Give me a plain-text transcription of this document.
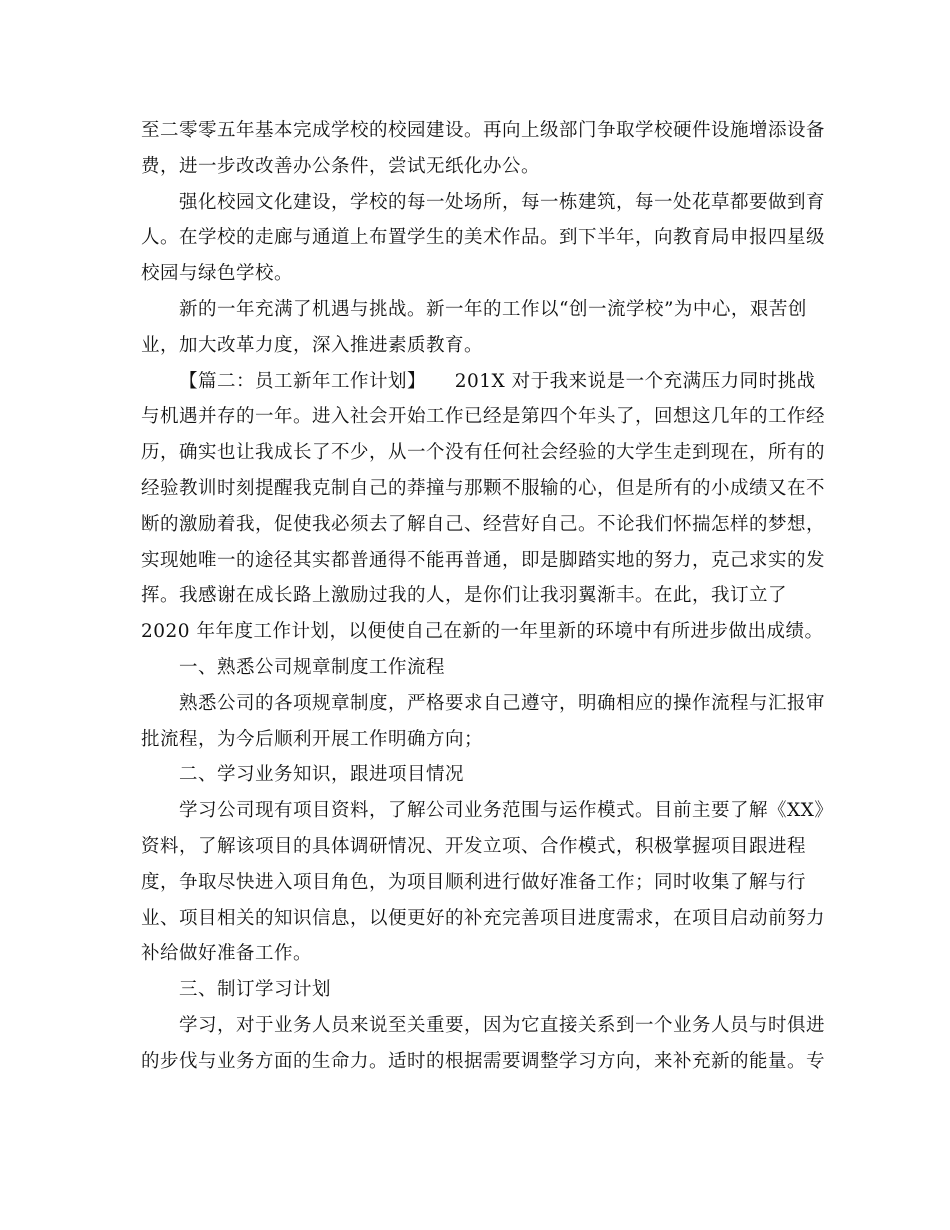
至二零零五年基本完成学校的校园建设。再向上级部门争取学校硬件设施增添设备
费，进一步改改善办公条件，尝试无纸化办公。
强化校园文化建设，学校的每一处场所，每一栋建筑，每一处花草都要做到育
人。在学校的走廊与通道上布置学生的美术作品。到下半年，向教育局申报四星级
校园与绿色学校。
新的一年充满了机遇与挑战。新一年的工作以“创一流学校”为中心，艰苦创
业，加大改革力度，深入推进素质教育。
【篇二：员工新年工作计划】　　201X 对于我来说是一个充满压力同时挑战
与机遇并存的一年。进入社会开始工作已经是第四个年头了，回想这几年的工作经
历，确实也让我成长了不少，从一个没有任何社会经验的大学生走到现在，所有的
经验教训时刻提醒我克制自己的莽撞与那颗不服输的心，但是所有的小成绩又在不
断的激励着我，促使我必须去了解自己、经营好自己。不论我们怀揣怎样的梦想，
实现她唯一的途径其实都普通得不能再普通，即是脚踏实地的努力，克己求实的发
挥。我感谢在成长路上激励过我的人，是你们让我羽翼渐丰。在此，我订立了
2020 年年度工作计划，以便使自己在新的一年里新的环境中有所进步做出成绩。
一、熟悉公司规章制度工作流程
熟悉公司的各项规章制度，严格要求自己遵守，明确相应的操作流程与汇报审
批流程，为今后顺利开展工作明确方向；
二、学习业务知识，跟进项目情况
学习公司现有项目资料，了解公司业务范围与运作模式。目前主要了解《XX》
资料，了解该项目的具体调研情况、开发立项、合作模式，积极掌握项目跟进程
度，争取尽快进入项目角色，为项目顺利进行做好准备工作；同时收集了解与行
业、项目相关的知识信息，以便更好的补充完善项目进度需求，在项目启动前努力
补给做好准备工作。
三、制订学习计划
学习，对于业务人员来说至关重要，因为它直接关系到一个业务人员与时俱进
的步伐与业务方面的生命力。适时的根据需要调整学习方向，来补充新的能量。专
